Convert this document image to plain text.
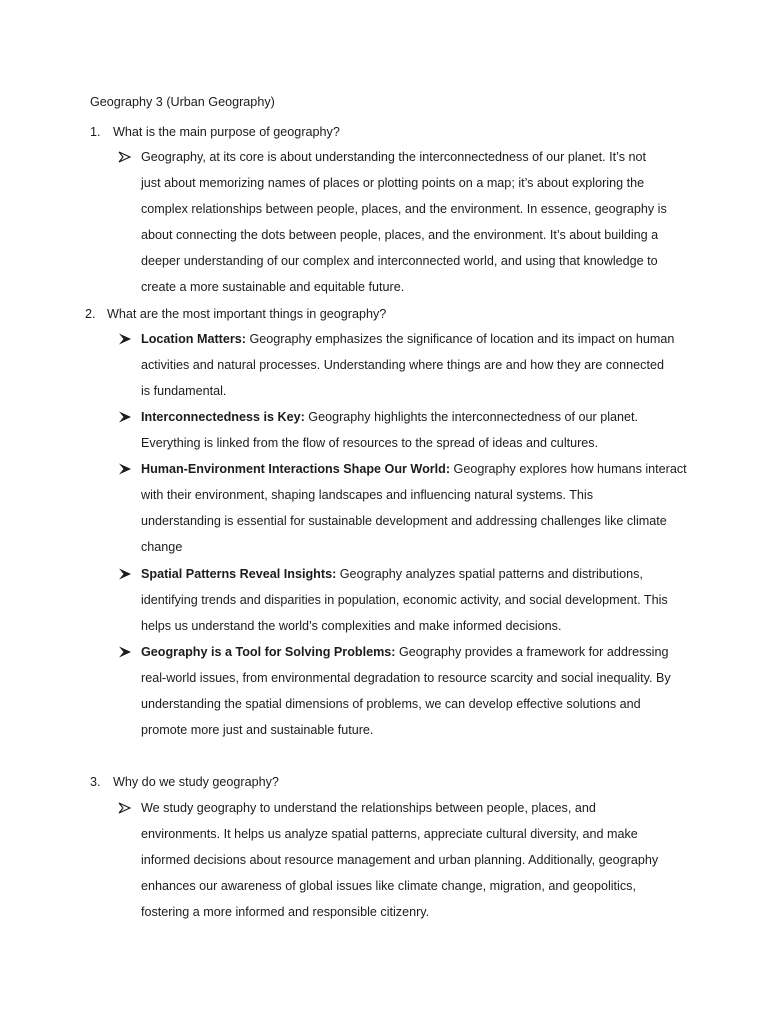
Geography 3 (Urban Geography)
1. What is the main purpose of geography?
Geography, at its core is about understanding the interconnectedness of our planet. It’s not
just about memorizing names of places or plotting points on a map; it’s about exploring the
complex relationships between people, places, and the environment. In essence, geography is
about connecting the dots between people, places, and the environment. It’s about building a
deeper understanding of our complex and interconnected world, and using that knowledge to
create a more sustainable and equitable future.
2. What are the most important things in geography?
Location Matters: Geography emphasizes the significance of location and its impact on human
activities and natural processes. Understanding where things are and how they are connected
is fundamental.
Interconnectedness is Key: Geography highlights the interconnectedness of our planet.
Everything is linked from the flow of resources to the spread of ideas and cultures.
Human-Environment Interactions Shape Our World: Geography explores how humans interact
with their environment, shaping landscapes and influencing natural systems. This
understanding is essential for sustainable development and addressing challenges like climate
change
Spatial Patterns Reveal Insights: Geography analyzes spatial patterns and distributions,
identifying trends and disparities in population, economic activity, and social development. This
helps us understand the world’s complexities and make informed decisions.
Geography is a Tool for Solving Problems: Geography provides a framework for addressing
real-world issues, from environmental degradation to resource scarcity and social inequality. By
understanding the spatial dimensions of problems, we can develop effective solutions and
promote more just and sustainable future.
3. Why do we study geography?
We study geography to understand the relationships between people, places, and
environments. It helps us analyze spatial patterns, appreciate cultural diversity, and make
informed decisions about resource management and urban planning. Additionally, geography
enhances our awareness of global issues like climate change, migration, and geopolitics,
fostering a more informed and responsible citizenry.
